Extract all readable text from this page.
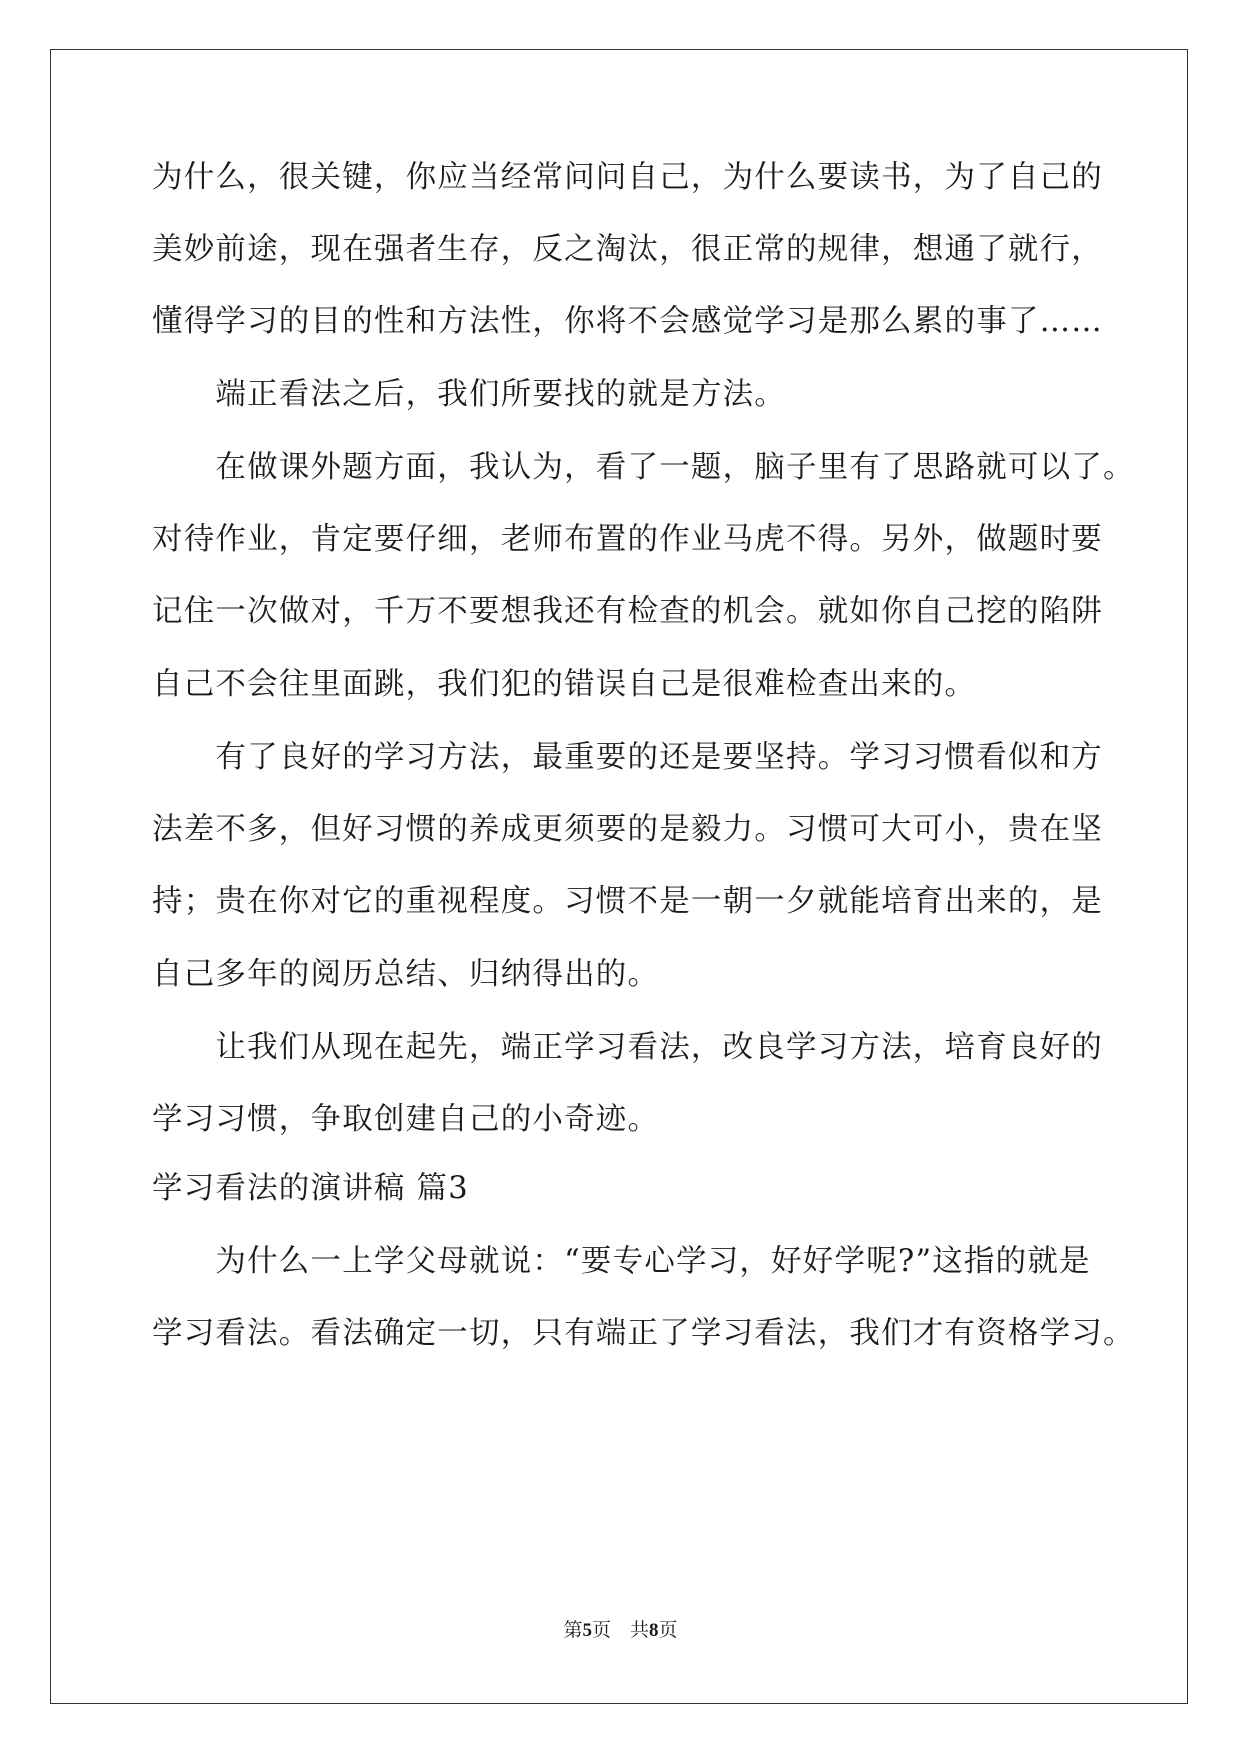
为什么，很关键，你应当经常问问自己，为什么要读书，为了自己的
美妙前途，现在强者生存，反之淘汰，很正常的规律，想通了就行，
懂得学习的目的性和方法性，你将不会感觉学习是那么累的事了……
　　端正看法之后，我们所要找的就是方法。
　　在做课外题方面，我认为，看了一题，脑子里有了思路就可以了。
对待作业，肯定要仔细，老师布置的作业马虎不得。另外，做题时要
记住一次做对，千万不要想我还有检查的机会。就如你自己挖的陷阱
自己不会往里面跳，我们犯的错误自己是很难检查出来的。
　　有了良好的学习方法，最重要的还是要坚持。学习习惯看似和方
法差不多，但好习惯的养成更须要的是毅力。习惯可大可小，贵在坚
持；贵在你对它的重视程度。习惯不是一朝一夕就能培育出来的，是
自己多年的阅历总结、归纳得出的。
　　让我们从现在起先，端正学习看法，改良学习方法，培育良好的
学习习惯，争取创建自己的小奇迹。
学习看法的演讲稿 篇3
　　为什么一上学父母就说：“要专心学习，好好学呢?”这指的就是
学习看法。看法确定一切，只有端正了学习看法，我们才有资格学习。
第5页　共8页
